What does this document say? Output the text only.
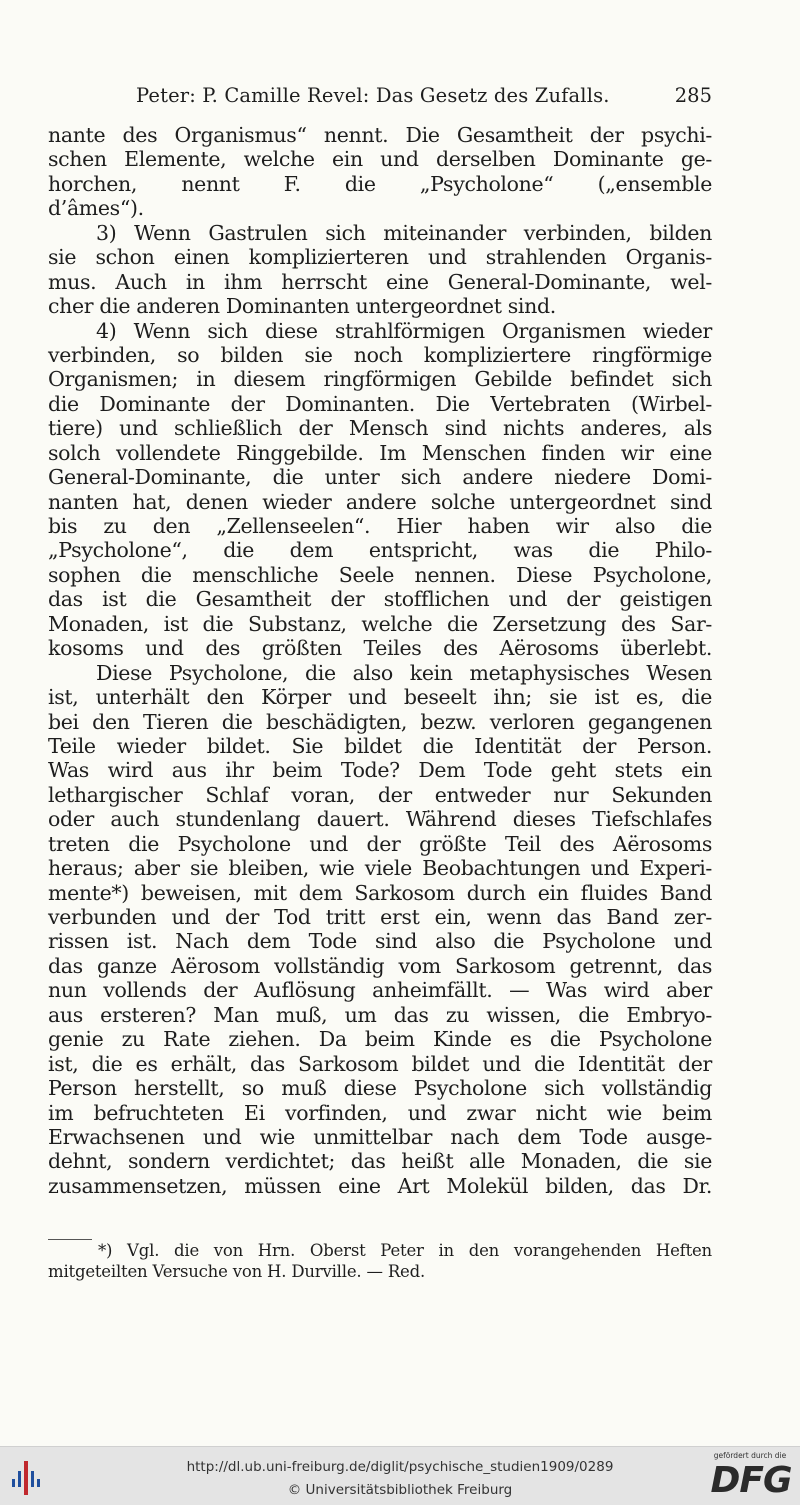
Peter: P. Camille Revel: Das Gesetz des Zufalls.	285
nante des Organismus“ nennt. Die Gesamtheit der psychi-
schen Elemente, welche ein und derselben Dominante ge-
horchen, nennt F. die „Psycholone“ („ensemble
d’âmes“).
3) Wenn Gastrulen sich miteinander verbinden, bilden
sie schon einen komplizierteren und strahlenden Organis-
mus. Auch in ihm herrscht eine General-Dominante, wel-
cher die anderen Dominanten untergeordnet sind.
4) Wenn sich diese strahlförmigen Organismen wieder
verbinden, so bilden sie noch kompliziertere ringförmige
Organismen; in diesem ringförmigen Gebilde befindet sich
die Dominante der Dominanten. Die Vertebraten (Wirbel-
tiere) und schließlich der Mensch sind nichts anderes, als
solch vollendete Ringgebilde. Im Menschen finden wir eine
General-Dominante, die unter sich andere niedere Domi-
nanten hat, denen wieder andere solche untergeordnet sind
bis zu den „Zellenseelen“. Hier haben wir also die
„Psycholone“, die dem entspricht, was die Philo-
sophen die menschliche Seele nennen. Diese Psycholone,
das ist die Gesamtheit der stofflichen und der geistigen
Monaden, ist die Substanz, welche die Zersetzung des Sar-
kosoms und des größten Teiles des Aërosoms überlebt.
Diese Psycholone, die also kein metaphysisches Wesen
ist, unterhält den Körper und beseelt ihn; sie ist es, die
bei den Tieren die beschädigten, bezw. verloren gegangenen
Teile wieder bildet. Sie bildet die Identität der Person.
Was wird aus ihr beim Tode? Dem Tode geht stets ein
lethargischer Schlaf voran, der entweder nur Sekunden
oder auch stundenlang dauert. Während dieses Tiefschlafes
treten die Psycholone und der größte Teil des Aërosoms
heraus; aber sie bleiben, wie viele Beobachtungen und Experi-
mente*) beweisen, mit dem Sarkosom durch ein fluides Band
verbunden und der Tod tritt erst ein, wenn das Band zer-
rissen ist. Nach dem Tode sind also die Psycholone und
das ganze Aërosom vollständig vom Sarkosom getrennt, das
nun vollends der Auflösung anheimfällt. — Was wird aber
aus ersteren? Man muß, um das zu wissen, die Embryo-
genie zu Rate ziehen. Da beim Kinde es die Psycholone
ist, die es erhält, das Sarkosom bildet und die Identität der
Person herstellt, so muß diese Psycholone sich vollständig
im befruchteten Ei vorfinden, und zwar nicht wie beim
Erwachsenen und wie unmittelbar nach dem Tode ausge-
dehnt, sondern verdichtet; das heißt alle Monaden, die sie
zusammensetzen, müssen eine Art Molekül bilden, das Dr.
*) Vgl. die von Hrn. Oberst Peter in den vorangehenden Heften
mitgeteilten Versuche von H. Durville. — Red.
http://dl.ub.uni-freiburg.de/diglit/psychische_studien1909/0289
© Universitätsbibliothek Freiburg
gefördert durch die
DFG
